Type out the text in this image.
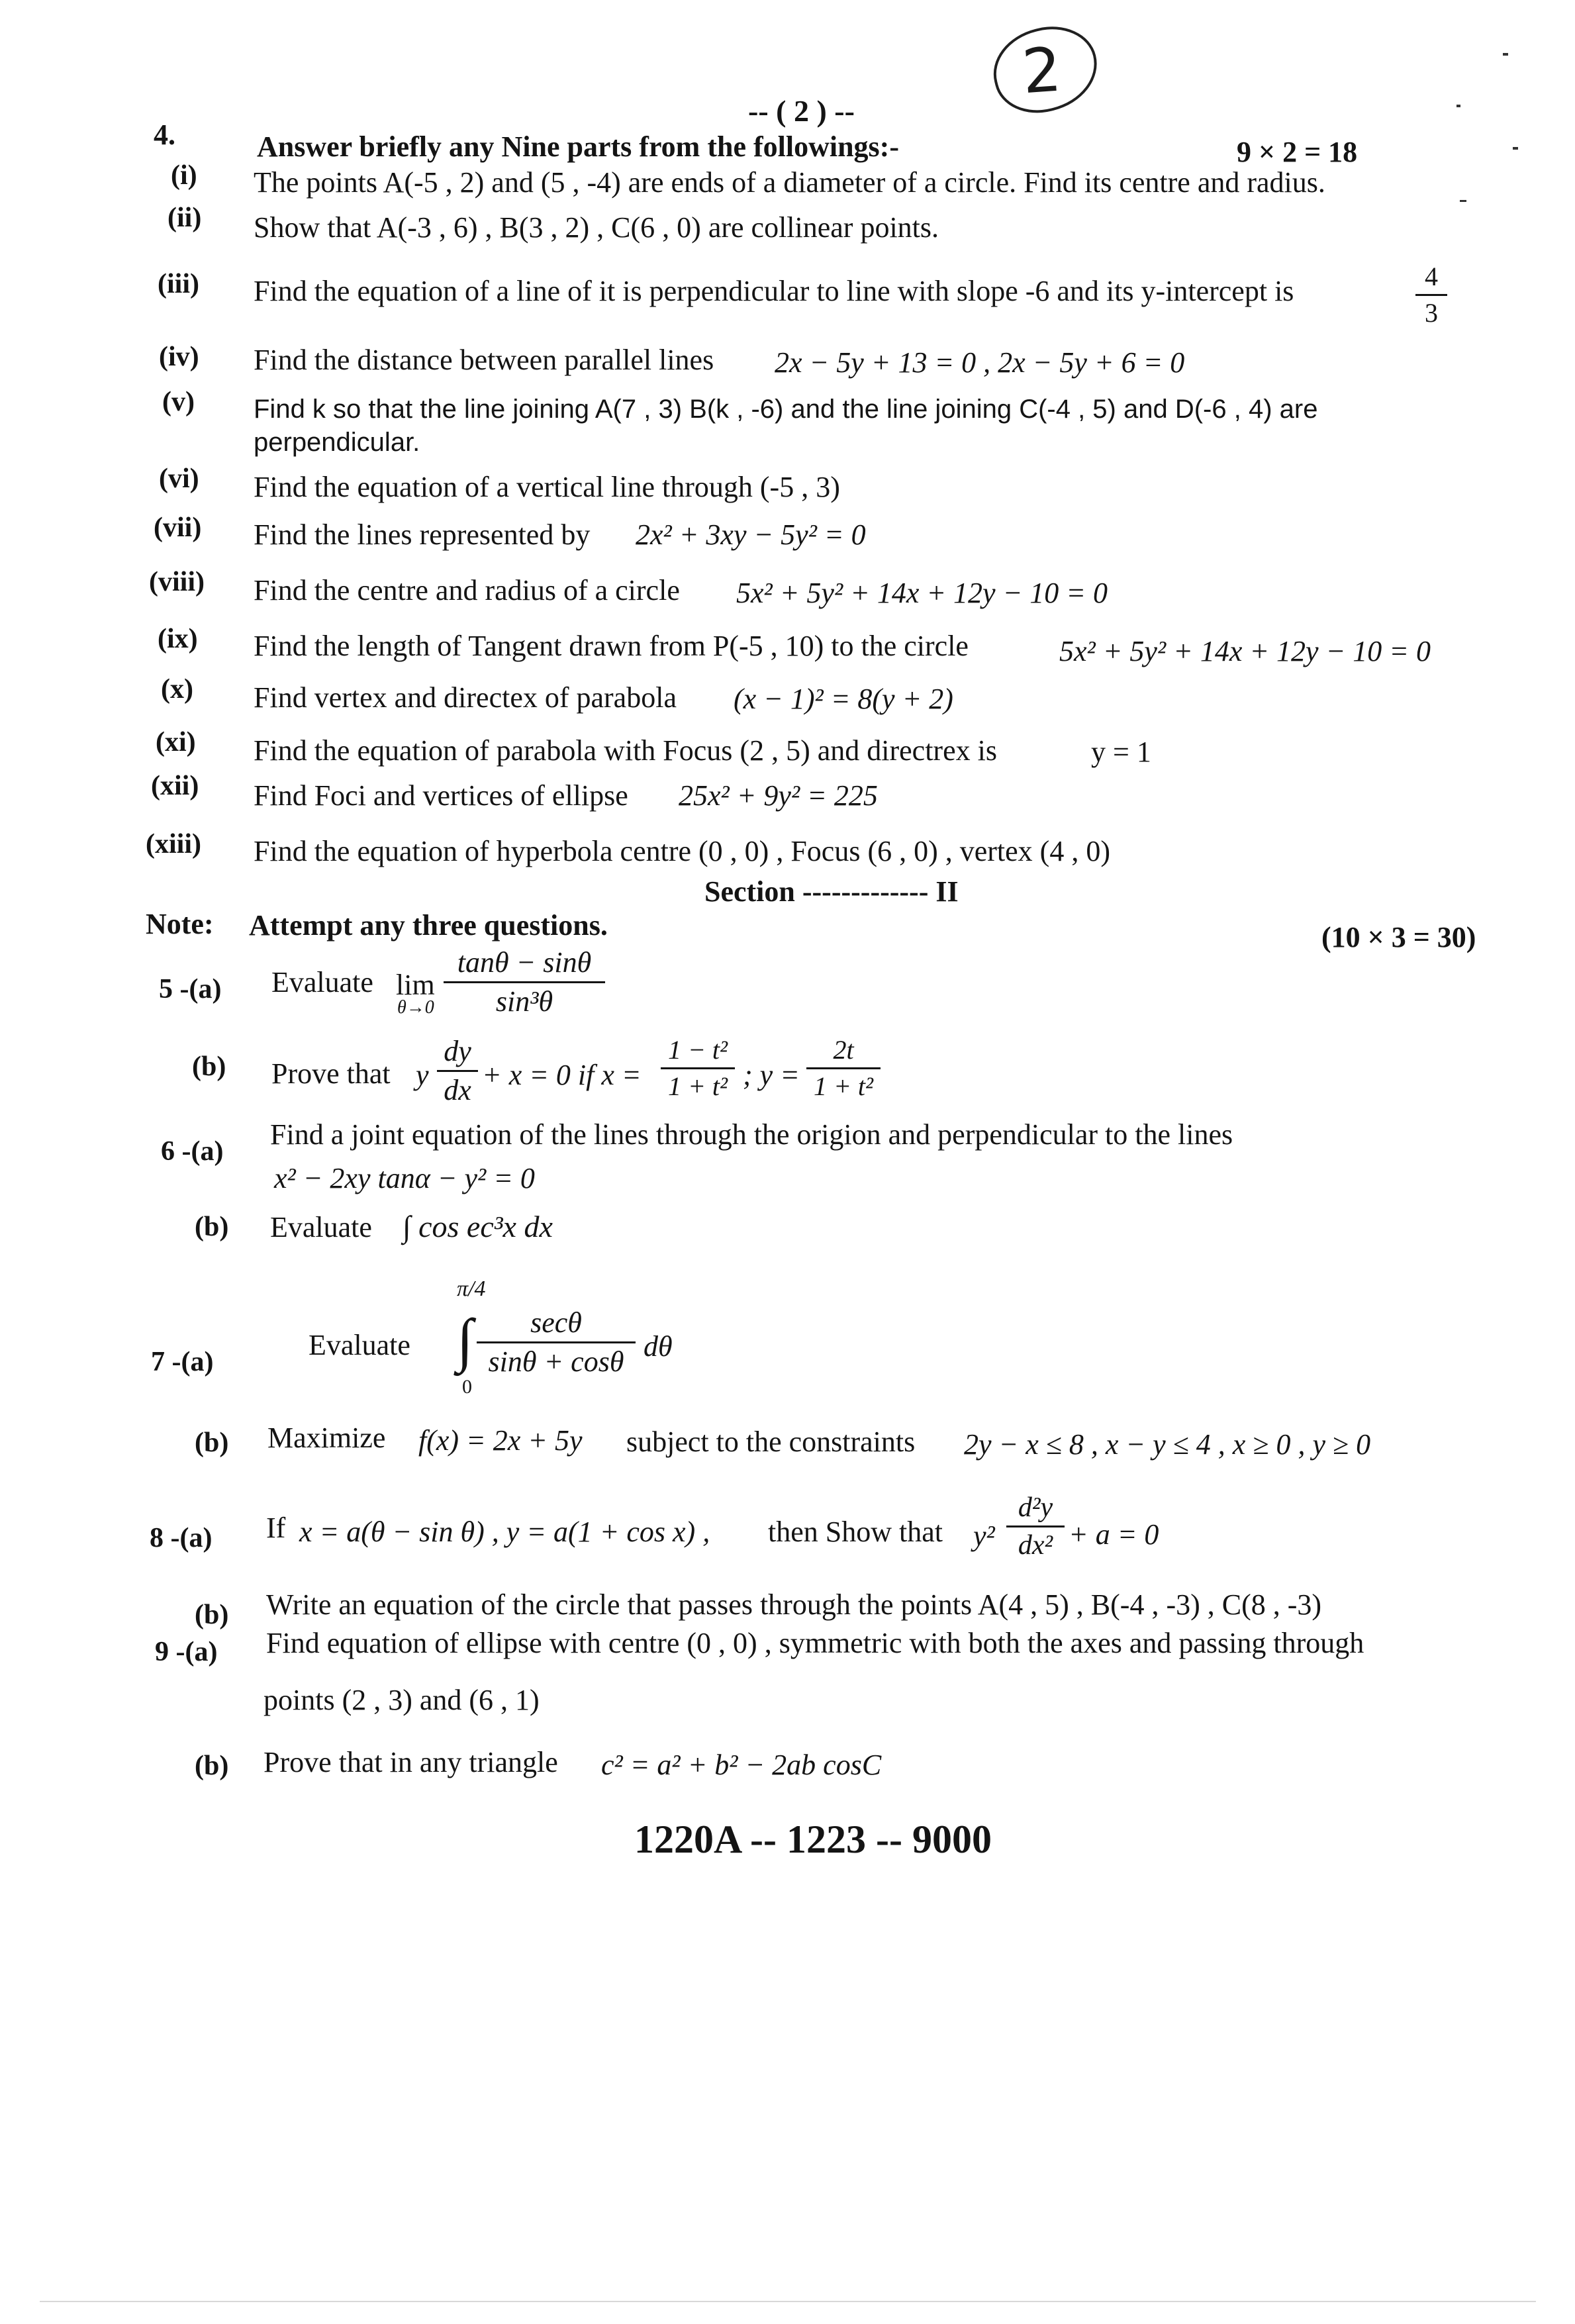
-- ( 2 ) --
2
4.	Answer briefly any Nine parts from the followings:-	9 × 2 = 18
(i) The points A(-5 , 2) and (5 , -4) are ends of a diameter of a circle. Find its centre and radius.
(ii) Show that A(-3 , 6) , B(3 , 2) , C(6 , 0) are collinear points.
(iii) Find the equation of a line of it is perpendicular to line with slope -6 and its y-intercept is	4
3
(iv) Find the distance between parallel lines 2x − 5y + 13 = 0 , 2x − 5y + 6 = 0
(v) Find k so that the line joining A(7 , 3) B(k , -6) and the line joining C(-4 , 5) and D(-6 , 4) are
perpendicular.
(vi) Find the equation of a vertical line through (-5 , 3)
(vii) Find the lines represented by 2x² + 3xy − 5y² = 0
(viii) Find the centre and radius of a circle 5x² + 5y² + 14x + 12y − 10 = 0
(ix) Find the length of Tangent drawn from P(-5 , 10) to the circle	5x² + 5y² + 14x + 12y − 10 = 0
(x) Find vertex and directex of parabola (x − 1)² = 8(y + 2)
(xi) Find the equation of parabola with Focus (2 , 5) and directrex is	y = 1
(xii) Find Foci and vertices of ellipse 25x² + 9y² = 225
(xiii) Find the equation of hyperbola centre (0 , 0) , Focus (6 , 0) , vertex (4 , 0)
Section ------------- II
Note: Attempt any three questions.	(10 × 3 = 30)
5 -(a) Evaluate lim
θ→0
tanθ − sinθ
sin³θ
(b) Prove that y
dy
dx + x = 0 if x =
1 − t²
1 + t² ; y =
2t
1 + t²
6 -(a)
Find a joint equation of the lines through the origion and perpendicular to the lines
x² − 2xy tanα − y² = 0
(b) Evaluate ∫ cos ec³x dx
7 -(a)
Evaluate
π/4
∫
0
secθ
sinθ + cosθ dθ
(b) Maximize f(x) = 2x + 5y subject to the constraints 2y − x ≤ 8 , x − y ≤ 4 , x ≥ 0 , y ≥ 0
8 -(a) If x = a(θ − sin θ) , y = a(1 + cos x) , then Show that y²
d²y
dx² + a = 0
(b) Write an equation of the circle that passes through the points A(4 , 5) , B(-4 , -3) , C(8 , -3)
9 -(a) Find equation of ellipse with centre (0 , 0) , symmetric with both the axes and passing through
points (2 , 3) and (6 , 1)
(b) Prove that in any triangle c² = a² + b² − 2ab cosC
1220A -- 1223 -- 9000
